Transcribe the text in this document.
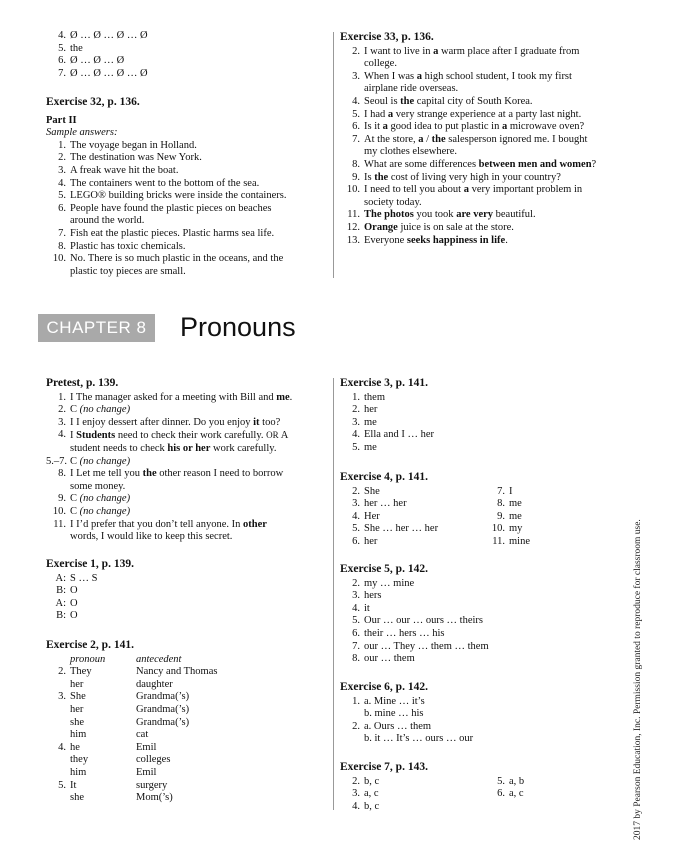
4. Ø … Ø … Ø … Ø
5. the
6. Ø … Ø … Ø
7. Ø … Ø … Ø … Ø
Exercise 32, p. 136.
Part II
Sample answers:
1. The voyage began in Holland.
2. The destination was New York.
3. A freak wave hit the boat.
4. The containers went to the bottom of the sea.
5. LEGO® building bricks were inside the containers.
6. People have found the plastic pieces on beaches
around the world.
7. Fish eat the plastic pieces. Plastic harms sea life.
8. Plastic has toxic chemicals.
10. No. There is so much plastic in the oceans, and the
plastic toy pieces are small.
Exercise 33, p. 136.
2. I want to live in a warm place after I graduate from
college.
3. When I was a high school student, I took my first
airplane ride overseas.
4. Seoul is the capital city of South Korea.
5. I had a very strange experience at a party last night.
6. Is it a good idea to put plastic in a microwave oven?
7. At the store, a / the salesperson ignored me. I bought
my clothes elsewhere.
8. What are some differences between men and women?
9. Is the cost of living very high in your country?
10. I need to tell you about a very important problem in
society today.
11. The photos you took are very beautiful.
12. Orange juice is on sale at the store.
13. Everyone seeks happiness in life.
CHAPTER 8	Pronouns
Pretest, p. 139.
1. I The manager asked for a meeting with Bill and me.
2. C (no change)
3. I I enjoy dessert after dinner. Do you enjoy it too?
4. I Students need to check their work carefully. OR A
student needs to check his or her work carefully.
5.–7. C (no change)
8. I Let me tell you the other reason I need to borrow
some money.
9. C (no change)
10. C (no change)
11. I I’d prefer that you don’t tell anyone. In other
words, I would like to keep this secret.
Exercise 1, p. 139.
A: S … S
B: O
A: O
B: O
Exercise 2, p. 141.
pronoun	antecedent
2. They	Nancy and Thomas
her	daughter
3. She	Grandma(’s)
her	Grandma(’s)
she	Grandma(’s)
him	cat
4. he	Emil
they	colleges
him	Emil
5. It	surgery
she	Mom(’s)
Exercise 3, p. 141.
1. them
2. her
3. me
4. Ella and I … her
5. me
Exercise 4, p. 141.
2. She	7. I
3. her … her	8. me
4. Her	9. me
5. She … her … her	10. my
6. her	11. mine
Exercise 5, p. 142.
2. my … mine
3. hers
4. it
5. Our … our … ours … theirs
6. their … hers … his
7. our … They … them … them
8. our … them
Exercise 6, p. 142.
1. a. Mine … it’s
b. mine … his
2. a. Ours … them
b. it … It’s … ours … our
Exercise 7, p. 143.
2. b, c	5. a, b
3. a, c	6. a, c
4. b, c	2017 by Pearson Education, Inc. Permission granted to reproduce for classroom use.
